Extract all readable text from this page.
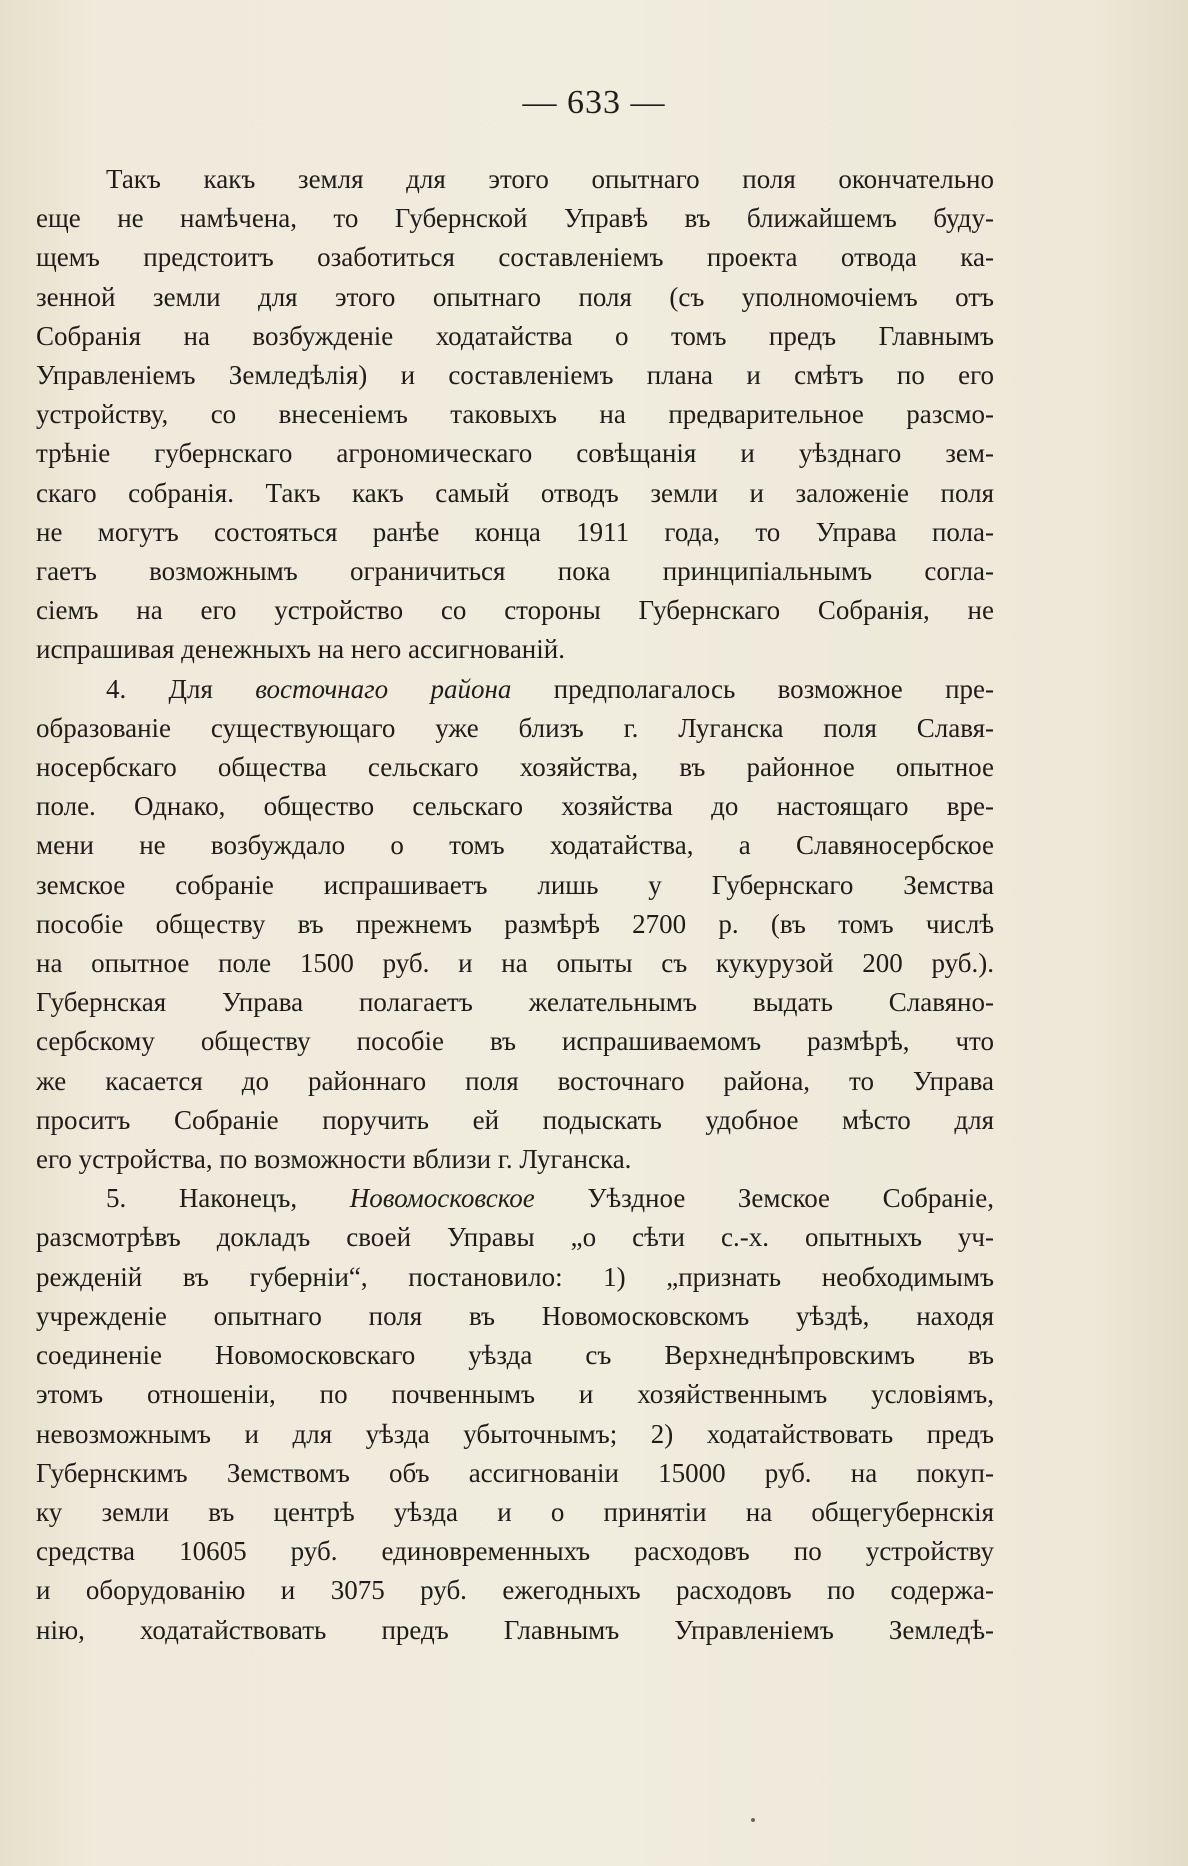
— 633 —
Такъ какъ земля для этого опытнаго поля окончательно
еще не намѣчена, то Губернской Управѣ въ ближайшемъ буду-
щемъ предстоитъ озаботиться составленіемъ проекта отвода ка-
зенной земли для этого опытнаго поля (съ уполномочіемъ отъ
Собранія на возбужденіе ходатайства о томъ предъ Главнымъ
Управленіемъ Земледѣлія) и составленіемъ плана и смѣтъ по его
устройству, со внесеніемъ таковыхъ на предварительное разсмо-
трѣніе губернскаго агрономическаго совѣщанія и уѣзднаго зем-
скаго собранія. Такъ какъ самый отводъ земли и заложеніе поля
не могутъ состояться ранѣе конца 1911 года, то Управа пола-
гаетъ возможнымъ ограничиться пока принципіальнымъ согла-
сіемъ на его устройство со стороны Губернскаго Собранія, не
испрашивая денежныхъ на него ассигнованій.
4. Для восточнаго района предполагалось возможное пре-
образованіе существующаго уже близъ г. Луганска поля Славя-
носербскаго общества сельскаго хозяйства, въ районное опытное
поле. Однако, общество сельскаго хозяйства до настоящаго вре-
мени не возбуждало о томъ ходатайства, а Славяносербское
земское собраніе испрашиваетъ лишь у Губернскаго Земства
пособіе обществу въ прежнемъ размѣрѣ 2700 р. (въ томъ числѣ
на опытное поле 1500 руб. и на опыты съ кукурузой 200 руб.).
Губернская Управа полагаетъ желательнымъ выдать Славяно-
сербскому обществу пособіе въ испрашиваемомъ размѣрѣ, что
же касается до районнаго поля восточнаго района, то Управа
проситъ Собраніе поручить ей подыскать удобное мѣсто для
его устройства, по возможности вблизи г. Луганска.
5. Наконецъ, Новомосковское Уѣздное Земское Собраніе,
разсмотрѣвъ докладъ своей Управы „о сѣти с.-х. опытныхъ уч-
режденій въ губерніи“, постановило: 1) „признать необходимымъ
учрежденіе опытнаго поля въ Новомосковскомъ уѣздѣ, находя
соединеніе Новомосковскаго уѣзда съ Верхнеднѣпровскимъ въ
этомъ отношеніи, по почвеннымъ и хозяйственнымъ условіямъ,
невозможнымъ и для уѣзда убыточнымъ; 2) ходатайствовать предъ
Губернскимъ Земствомъ объ ассигнованіи 15000 руб. на покуп-
ку земли въ центрѣ уѣзда и о принятіи на общегубернскія
средства 10605 руб. единовременныхъ расходовъ по устройству
и оборудованію и 3075 руб. ежегодныхъ расходовъ по содержа-
нію, ходатайствовать предъ Главнымъ Управленіемъ Земледѣ-
